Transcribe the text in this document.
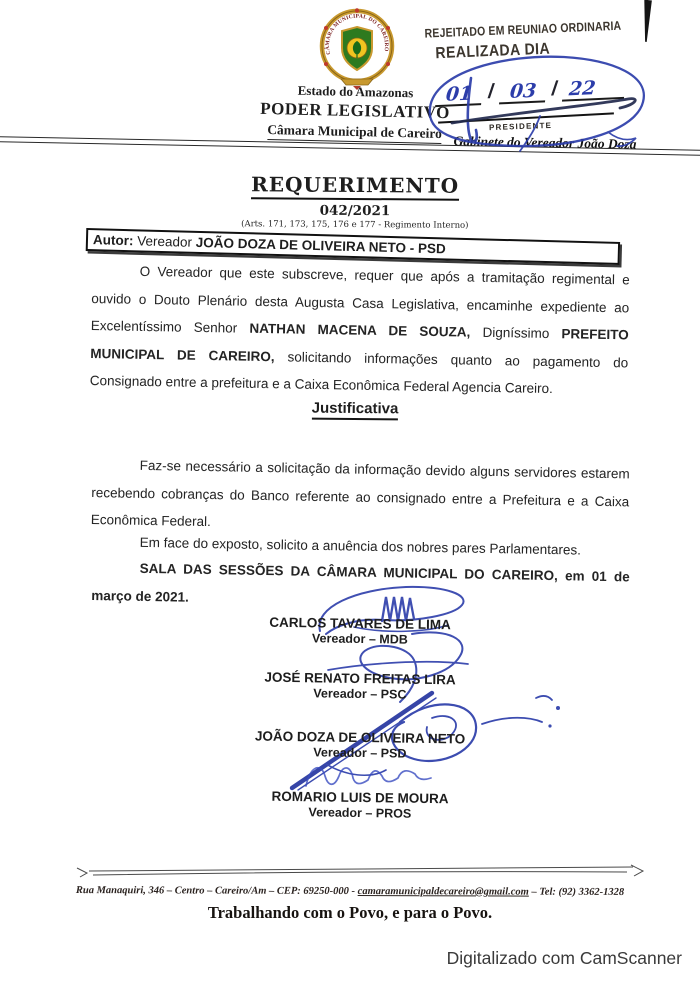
CÂMARA MUNICIPAL DO CAREIRO
Estado do Amazonas
PODER LEGISLATIVO
Câmara Municipal de Careiro
Gabinete do Vereador João Doza
REJEITADO EM REUNIAO ORDINARIA
REALIZADA DIA
01 / 03 / 22
PRESIDENTE
REQUERIMENTO
042/2021
(Arts. 171, 173, 175, 176 e 177 - Regimento Interno)
Autor: Vereador JOÃO DOZA DE OLIVEIRA NETO - PSD
O Vereador que este subscreve, requer que após a tramitação regimental e ouvido o Douto Plenário desta Augusta Casa Legislativa, encaminhe expediente ao Excelentíssimo Senhor NATHAN MACENA DE SOUZA, Digníssimo PREFEITO MUNICIPAL DE CAREIRO, solicitando informações quanto ao pagamento do Consignado entre a prefeitura e a Caixa Econômica Federal Agencia Careiro.
Justificativa
Faz-se necessário a solicitação da informação devido alguns servidores estarem recebendo cobranças do Banco referente ao consignado entre a Prefeitura e a Caixa Econômica Federal.
Em face do exposto, solicito a anuência dos nobres pares Parlamentares.
SALA DAS SESSÕES DA CÂMARA MUNICIPAL DO CAREIRO, em 01 de março de 2021.
CARLOS TAVARES DE LIMA
Vereador – MDB
JOSÉ RENATO FREITAS LIRA
Vereador – PSC
JOÃO DOZA DE OLIVEIRA NETO
Vereador – PSD
ROMARIO LUIS DE MOURA
Vereador – PROS
Rua Manaquiri, 346 – Centro – Careiro/Am – CEP: 69250-000 - camaramunicipaldecareiro@gmail.com – Tel: (92) 3362-1328
Trabalhando com o Povo, e para o Povo.
Digitalizado com CamScanner
